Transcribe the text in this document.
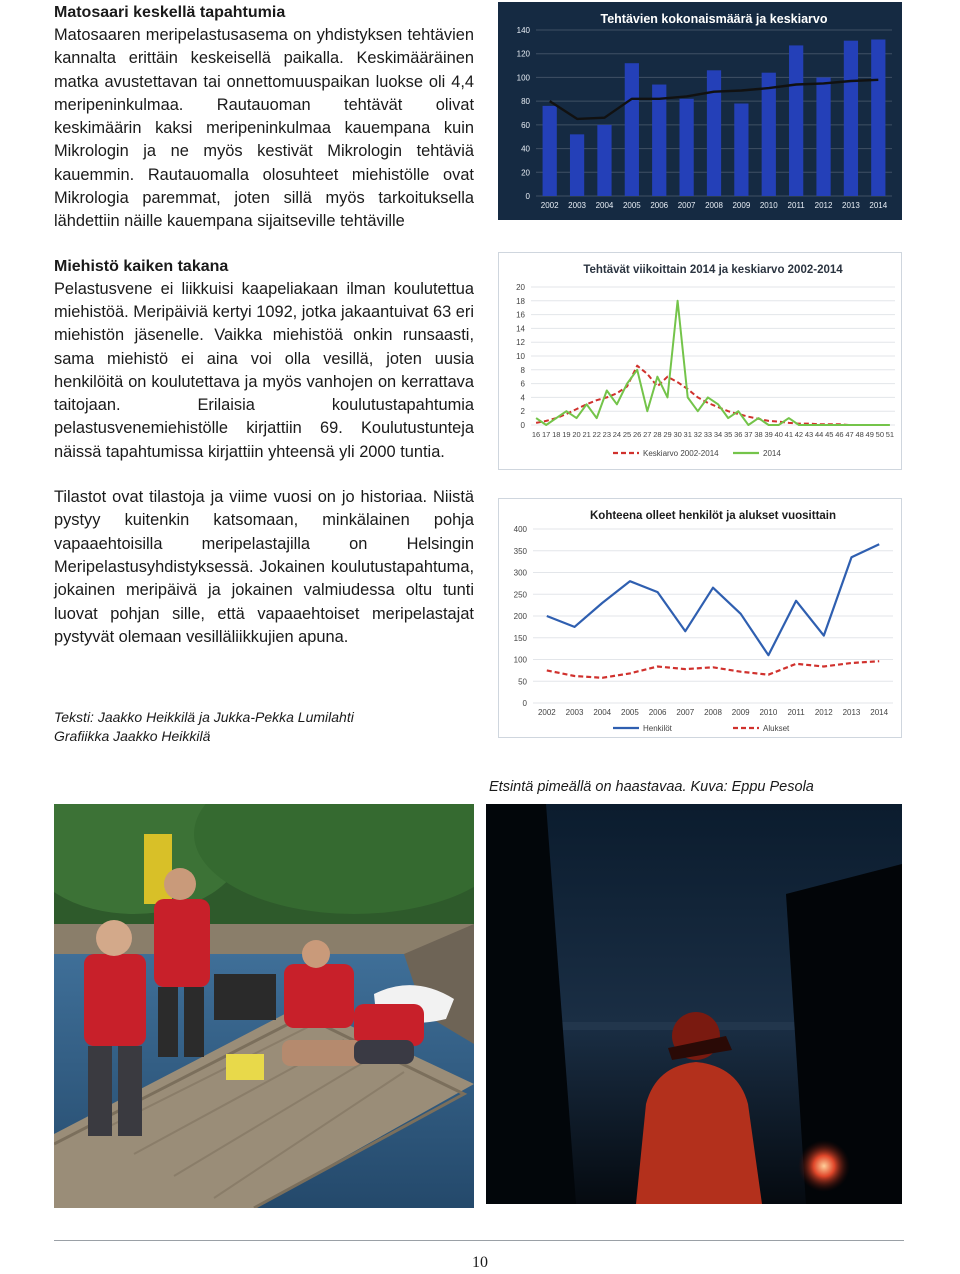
Matosaari keskellä tapahtumia

Matosaaren meripelastusasema on yhdistyksen tehtävien kannalta erittäin keskeisellä paikalla. Keskimääräinen matka avustettavan tai onnettomuuspaikan luokse oli 4,4 meripeninkulmaa. Rautauoman tehtävät olivat keskimäärin kaksi meripeninkulmaa kauempana kuin Mikrologin ja ne myös kestivät Mikrologin tehtäviä kauemmin. Rautauomalla olosuhteet miehistölle ovat Mikrologia paremmat, joten sillä myös tarkoituksella lähdettiin näille kauempana sijaitseville tehtäville

Miehistö kaiken takana

Pelastusvene ei liikkuisi kaapeliakaan ilman koulutettua miehistöä. Meripäiviä kertyi 1092, jotka jakaantuivat 63 eri miehistön jäsenelle. Vaikka miehistöä onkin runsaasti, sama miehistö ei aina voi olla vesillä, joten uusia henkilöitä on koulutettava ja myös vanhojen on kerrattava taitojaan. Erilaisia koulutustapahtumia pelastusvenemiehistölle kirjattiin 69. Koulutustunteja näissä tapahtumissa kirjattiin yhteensä yli 2000 tuntia.

Tilastot ovat tilastoja ja viime vuosi on jo historiaa. Niistä pystyy kuitenkin katsomaan, minkälainen pohja vapaaehtoisilla meripelastajilla on Helsingin Meripelastusyhdistyksessä. Jokainen koulutustapahtuma, jokainen meripäivä ja jokainen valmiudessa oltu tunti luovat pohjan sille, että vapaaehtoiset meripelastajat pystyvät olemaan vesilläliikkujien apuna.

Teksti: Jaakko Heikkilä ja Jukka-Pekka Lumilahti
Grafiikka Jaakko Heikkilä
Tehtävien kokonaismäärä ja keskiarvo
0
20
40
60
80
100
120
140
2002 2003 2004 2005 2006 2007 2008 2009 2010 2011 2012 2013 2014
Tehtävät viikoittain 2014 ja keskiarvo 2002-2014
0
2
4
6
8
10
12
14
16
18
20
16 17 18 19 20 21 22 23 24 25 26 27 28 29 30 31 32 33 34 35 36 37 38 39 40 41 42 43 44 45 46 47 48 49 50 51
Keskiarvo 2002-2014	2014
Kohteena olleet henkilöt ja alukset vuosittain
0
50
100
150
200
250
300
350
400
2002 2003 2004 2005 2006 2007 2008 2009 2010 2011 2012 2013 2014
Henkilöt	Alukset
Etsintä pimeällä on haastavaa. Kuva: Eppu Pesola
10
